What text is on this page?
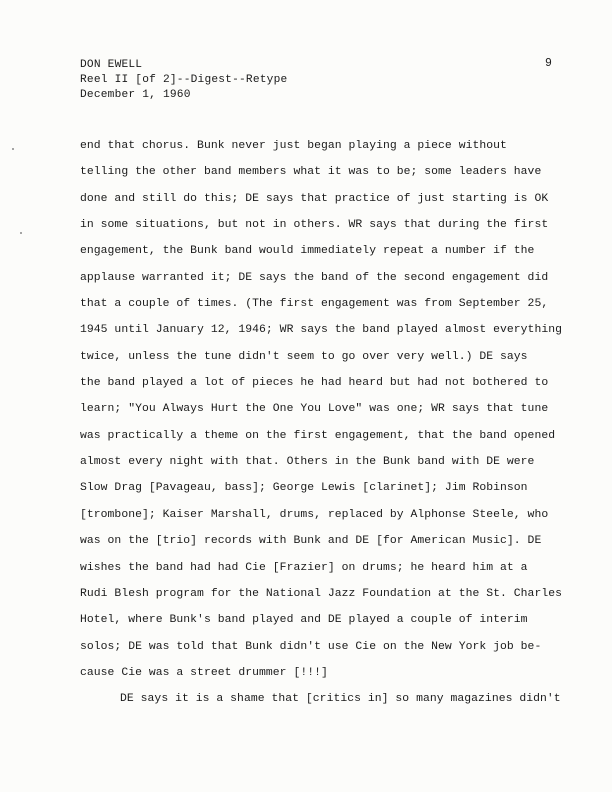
DON EWELL
Reel II [of 2]--Digest--Retype
December 1, 1960
9
end that chorus. Bunk never just began playing a piece without
telling the other band members what it was to be; some leaders have
done and still do this; DE says that practice of just starting is OK
in some situations, but not in others. WR says that during the first
engagement, the Bunk band would immediately repeat a number if the
applause warranted it; DE says the band of the second engagement did
that a couple of times. (The first engagement was from September 25,
1945 until January 12, 1946; WR says the band played almost everything
twice, unless the tune didn't seem to go over very well.) DE says
the band played a lot of pieces he had heard but had not bothered to
learn; "You Always Hurt the One You Love" was one; WR says that tune
was practically a theme on the first engagement, that the band opened
almost every night with that. Others in the Bunk band with DE were
Slow Drag [Pavageau, bass]; George Lewis [clarinet]; Jim Robinson
[trombone]; Kaiser Marshall, drums, replaced by Alphonse Steele, who
was on the [trio] records with Bunk and DE [for American Music]. DE
wishes the band had had Cie [Frazier] on drums; he heard him at a
Rudi Blesh program for the National Jazz Foundation at the St. Charles
Hotel, where Bunk's band played and DE played a couple of interim
solos; DE was told that Bunk didn't use Cie on the New York job be-
cause Cie was a street drummer [!!!]
DE says it is a shame that [critics in] so many magazines didn't
